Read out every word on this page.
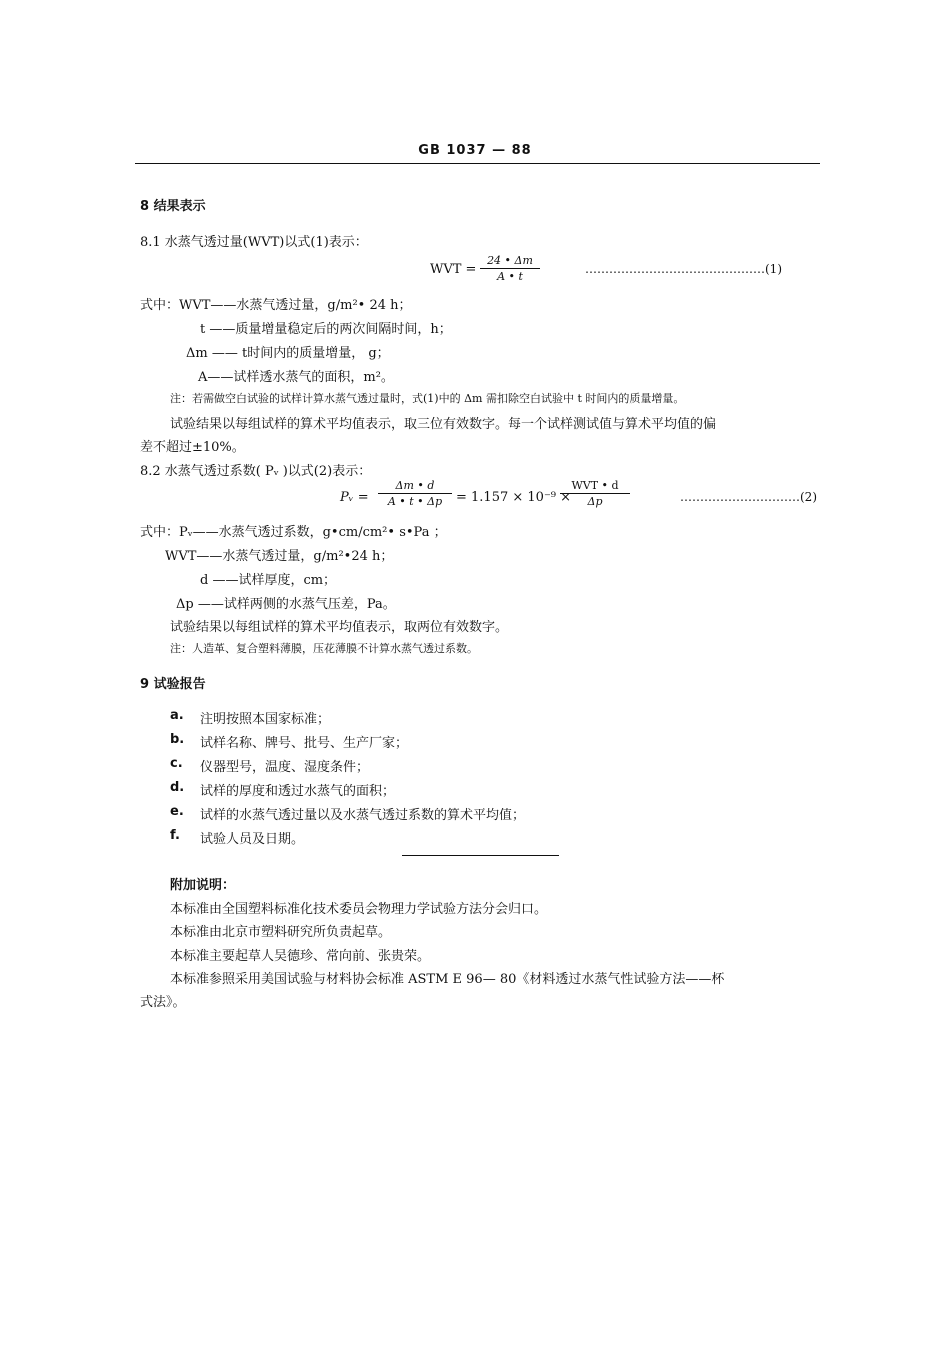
GB 1037 — 88
8 结果表示
8.1 水蒸气透过量(WVT)以式(1)表示：
WVT =
24 • Δm
A • t
………………………………………(1)
式中：WVT——水蒸气透过量，g/m²• 24 h；
t ——质量增量稳定后的两次间隔时间，h；
Δm —— t时间内的质量增量， g；
A——试样透水蒸气的面积，m²。
注：若需做空白试验的试样计算水蒸气透过量时，式(1)中的 Δm 需扣除空白试验中 t 时间内的质量增量。
试验结果以每组试样的算术平均值表示，取三位有效数字。每一个试样测试值与算术平均值的偏
差不超过±10%。
8.2 水蒸气透过系数( Pᵥ )以式(2)表示：
Pᵥ =
Δm • d
A • t • Δp	= 1.157 × 10⁻⁹ ×
WVT • d
Δp	…………………………(2)
式中：Pᵥ——水蒸气透过系数，g•cm/cm²• s•Pa ；
WVT——水蒸气透过量，g/m²•24 h；
d ——试样厚度，cm；
Δp ——试样两侧的水蒸气压差，Pa。
试验结果以每组试样的算术平均值表示，取两位有效数字。
注：人造革、复合塑料薄膜，压花薄膜不计算水蒸气透过系数。
9 试验报告
a. 注明按照本国家标准；
b. 试样名称、牌号、批号、生产厂家；
c. 仪器型号，温度、湿度条件；
d. 试样的厚度和透过水蒸气的面积；
e. 试样的水蒸气透过量以及水蒸气透过系数的算术平均值；
f. 试验人员及日期。
附加说明：
本标准由全国塑料标准化技术委员会物理力学试验方法分会归口。
本标准由北京市塑料研究所负责起草。
本标准主要起草人吴德珍、常向前、张贵荣。
本标准参照采用美国试验与材料协会标准 ASTM E 96— 80《材料透过水蒸气性试验方法——杯
式法》。
